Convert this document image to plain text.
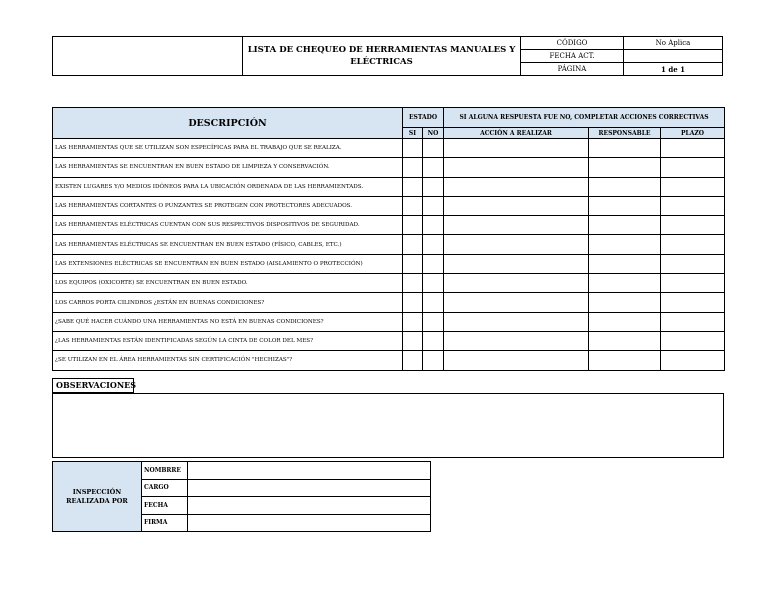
	LISTA DE CHEQUEO DE HERRAMIENTAS MANUALES Y ELÉCTRICAS	CÓDIGO	No Aplica
		FECHA ACT.	
		PÁGINA	1 de 1
DESCRIPCIÓN	ESTADO		SI ALGUNA RESPUESTA FUE NO, COMPLETAR ACCIONES CORRECTIVAS		
	SI	NO	ACCIÓN A REALIZAR	RESPONSABLE	PLAZO
LAS HERRAMIENTAS QUE SE UTILIZAN SON ESPECÍFICAS PARA EL TRABAJO QUE SE REALIZA.					
LAS HERRAMIENTAS SE ENCUENTRAN EN BUEN ESTADO DE LIMPIEZA Y CONSERVACIÓN.					
EXISTEN LUGARES Y/O MEDIOS IDÓNEOS PARA LA UBICACIÓN ORDENADA DE LAS HERRAMIENTADS.					
LAS HERRAMIENTAS CORTANTES O PUNZANTES SE PROTEGEN CON PROTECTORES ADECUADOS.					
LAS HERRAMIENTAS ELÉCTRICAS CUENTAN CON SUS RESPECTIVOS DISPOSITIVOS DE SEGURIDAD.					
LAS HERRAMIENTAS ELÉCTRICAS SE ENCUENTRAN EN BUEN ESTADO (FÍSICO, CABLES, ETC.)					
LAS EXTENSIONES ELÉCTRICAS SE ENCUENTRAN EN BUEN ESTADO (AISLAMIENTO O PROTECCIÓN)					
LOS EQUIPOS (OXICORTE) SE ENCUENTRAN EN BUEN ESTADO.					
LOS CARROS PORTA CILINDROS ¿ESTÁN EN BUENAS CONDICIONES?					
¿SABE QUÉ HACER CUÁNDO UNA HERRAMIENTAS NO ESTÁ EN BUENAS CONDICIONES?					
¿LAS HERRAMIENTAS ESTÁN IDENTIFICADAS SEGÚN LA CINTA DE COLOR DEL MES?					
¿SE UTILIZAN EN EL ÁREA HERRAMIENTAS SIN CERTIFICACIÓN "HECHIZAS"?					
OBSERVACIONES
INSPECCIÓN REALIZADA POR	NOMBRRE	
	CARGO	
	FECHA	
	FIRMA	
